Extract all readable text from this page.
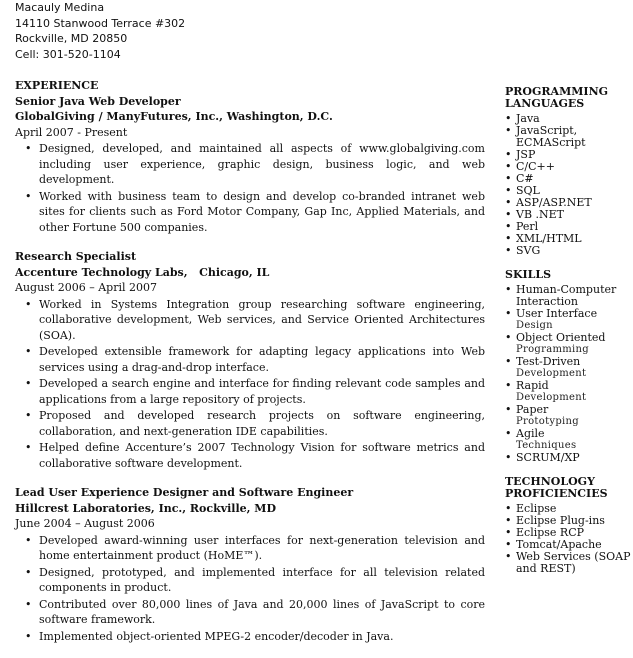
Macauly Medina
14110 Stanwood Terrace #302
Rockville, MD 20850
Cell: 301-520-1104
EXPERIENCE
Senior Java Web Developer
GlobalGiving / ManyFutures, Inc., Washington, D.C.
April 2007 - Present
• Designed, developed, and maintained all aspects of www.globalgiving.com including user experience, graphic design, business logic, and web development.
• Worked with business team to design and develop co-branded intranet web sites for clients such as Ford Motor Company, Gap Inc, Applied Materials, and other Fortune 500 companies.
Research Specialist
Accenture Technology Labs,   Chicago, IL
August 2006 – April 2007
• Worked in Systems Integration group researching software engineering, collaborative development, Web services, and Service Oriented Architectures (SOA).
• Developed extensible framework for adapting legacy applications into Web services using a drag-and-drop interface.
• Developed a search engine and interface for finding relevant code samples and applications from a large repository of projects.
• Proposed and developed research projects on software engineering, collaboration, and next-generation IDE capabilities.
• Helped define Accenture’s 2007 Technology Vision for software metrics and collaborative software development.
Lead User Experience Designer and Software Engineer
Hillcrest Laboratories, Inc., Rockville, MD
June 2004 – August 2006
• Developed award-winning user interfaces for next-generation television and home entertainment product (HoME™).
• Designed, prototyped, and implemented interface for all television related components in product.
• Contributed over 80,000 lines of Java and 20,000 lines of JavaScript to core software framework.
• Implemented object-oriented MPEG-2 encoder/decoder in Java.
PROGRAMMING LANGUAGES
• Java
• JavaScript, ECMAScript
• JSP
• C/C++
• C#
• SQL
• ASP/ASP.NET
• VB .NET
• Perl
• XML/HTML
• SVG
SKILLS
• Human-Computer Interaction
• User Interface
Design
• Object Oriented
Programming
• Test-Driven
Development
• Rapid
Development
• Paper
Prototyping
• Agile
Techniques
• SCRUM/XP
TECHNOLOGY PROFICIENCIES
• Eclipse
• Eclipse Plug-ins
• Eclipse RCP
• Tomcat/Apache
• Web Services (SOAP and REST)
